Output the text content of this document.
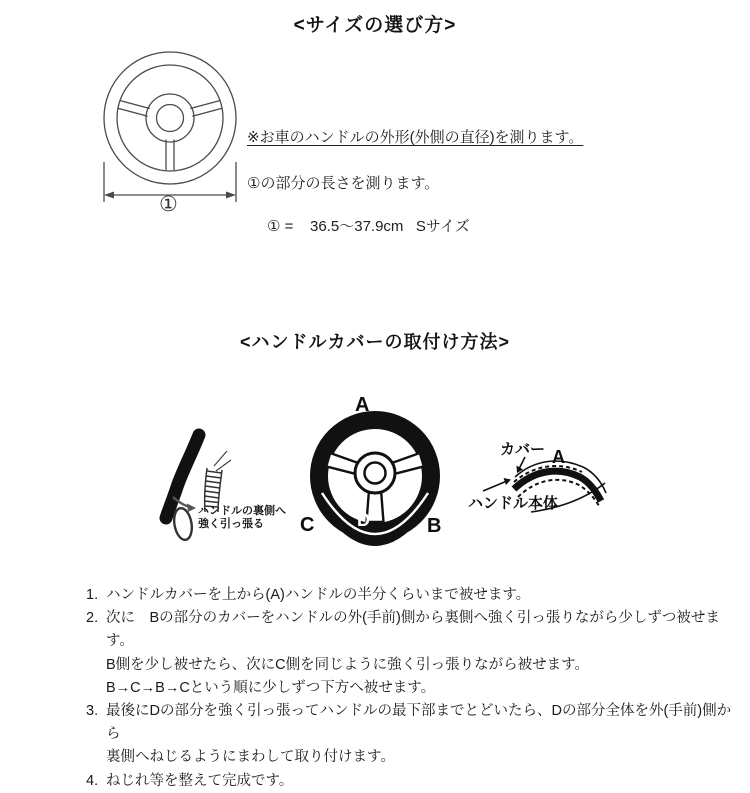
<サイズの選び方>
①
※お車のハンドルの外形(外側の直径)を測ります。
①の部分の長さを測ります。
① =    36.5～37.9cm   Sサイズ
<ハンドルカバーの取付け方法>
ハンドルの裏側へ
強く引っ張る
A
C	B
D
カバー A
ハンドル本体
1. ハンドルカバーを上から(A)ハンドルの半分くらいまで被せます。
2. 次に　Bの部分のカバーをハンドルの外(手前)側から裏側へ強く引っ張りながら少しずつ被せます。
B側を少し被せたら、次にC側を同じように強く引っ張りながら被せます。
B→C→B→Cという順に少しずつ下方へ被せます。
3. 最後にDの部分を強く引っ張ってハンドルの最下部までとどいたら、Dの部分全体を外(手前)側から
裏側へねじるようにまわして取り付けます。
4. ねじれ等を整えて完成です。
